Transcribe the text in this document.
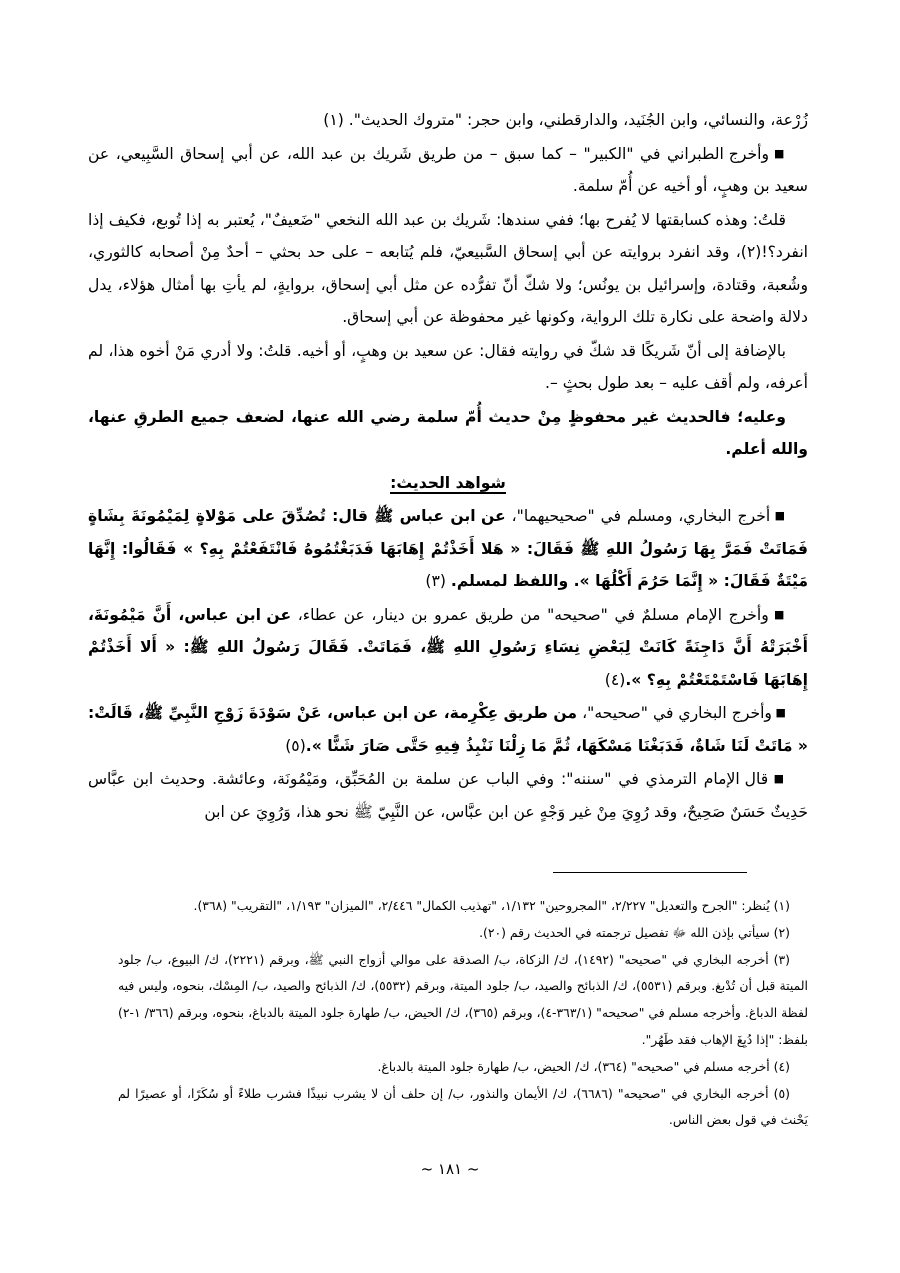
زُرْعة، والنسائي، وابن الجُنَيد، والدارقطني، وابن حجر: "متروك الحديث". (١)

■ وأخرج الطبراني في "الكبير" – كما سبق – من طريق شَريك بن عبد الله، عن أبي إسحاق السَّبِيعي، عن سعيد بن وهبٍ، أو أخيه عن أُمّ سلمة.

قلتُ: وهذه كسابقتها لا يُفرح بها؛ ففي سندها: شَريك بن عبد الله النخعي "ضَعيفٌ"، يُعتبر به إذا تُوبع، فكيف إذا انفرد؟!(٢)، وقد انفرد بروايته عن أبي إسحاق السَّبيعيّ، فلم يُتابعه – على حد بحثي – أحدٌ مِنْ أصحابه كالثوري، وشُعبة، وقتادة، وإسرائيل بن يونُس؛ ولا شكّ أنّ تفرُّده عن مثل أبي إسحاق، بروايةٍ، لم يأتِ بها أمثال هؤلاء، يدل دلالة واضحة على نكارة تلك الرواية، وكونها غير محفوظة عن أبي إسحاق.

بالإضافة إلى أنّ شَريكًا قد شكّ في روايته فقال: عن سعيد بن وهبٍ، أو أخيه. قلتُ: ولا أدري مَنْ أخوه هذا، لم أعرفه، ولم أقف عليه – بعد طول بحثٍ –.

وعليه؛ فالحديث غير محفوظٍ مِنْ حديث أُمّ سلمة رضي الله عنها، لضعف جميع الطرقِ عنها، والله أعلم.

شواهد الحديث:

■ أخرج البخاري، ومسلم في "صحيحيهما"، عن ابن عباس ﷺ قال: تُصُدِّقَ على مَوْلاةٍ لِمَيْمُونَةَ بِشَاةٍ فَمَاتَتْ فَمَرَّ بِهَا رَسُولُ اللهِ ﷺ فَقَالَ: « هَلا أَخَذْتُمْ إِهَابَهَا فَدَبَغْتُمُوهُ فَانْتَفَعْتُمْ بِهِ؟ » فَقَالُوا: إِنَّهَا مَيْتَةٌ فَقَالَ: « إِنَّمَا حَرُمَ أَكْلُهَا ». واللفظ لمسلم. (٣)

■ وأخرج الإمام مسلمٌ في "صحيحه" من طريق عمرو بن دينار، عن عطاء، عن ابن عباس، أَنَّ مَيْمُونَةَ، أَخْبَرَتْهُ أَنَّ دَاجِنَةً كَانَتْ لِبَعْضِ نِسَاءِ رَسُولِ اللهِ ﷺ، فَمَاتَتْ. فَقَالَ رَسُولُ اللهِ ﷺ: « أَلا أَخَذْتُمْ إِهَابَهَا فَاسْتَمْتَعْتُمْ بِهِ؟ ».(٤)

■ وأخرج البخاري في "صحيحه"، من طريق عِكْرِمة، عن ابن عباس، عَنْ سَوْدَةَ زَوْجِ النَّبِيِّ ﷺ، قَالَتْ: « مَاتَتْ لَنَا شَاةٌ، فَدَبَغْنَا مَسْكَهَا، ثُمَّ مَا زِلْنَا نَنْبِذُ فِيهِ حَتَّى صَارَ شَنًّا ».(٥)

■ قال الإمام الترمذي في "سننه": وفي الباب عن سلمة بن المُحَبِّق، ومَيْمُونَة، وعائشة. وحديث ابن عبَّاس حَدِيثٌ حَسَنٌ صَحِيحٌ، وقد رُوِيَ مِنْ غير وَجْهٍ عن ابن عبَّاس، عن النَّبِيّ ﷺ نحو هذا، وَرُوِيَ عن ابن

(١) يُنظر: "الجرح والتعديل" ٢/٢٢٧، "المجروحين" ١/١٣٢، "تهذيب الكمال" ٢/٤٤٦، "الميزان" ١/١٩٣، "التقريب" (٣٦٨).

(٢) سيأتي بإذن الله ﷻ تفصيل ترجمته في الحديث رقم (٢٠).

(٣) أخرجه البخاري في "صحيحه" (١٤٩٢)، ك/ الزكاة، ب/ الصدقة على موالي أزواج النبي ﷺ، وبرقم (٢٢٢١)، ك/ البيوع، ب/ جلود الميتة قبل أن تُدْبغ. وبرقم (٥٥٣١)، ك/ الذبائح والصيد، ب/ جلود الميتة، وبرقم (٥٥٣٢)، ك/ الذبائح والصيد، ب/ المِسْك، بنحوه، وليس فيه لفظة الدباغ. وأخرجه مسلم في "صحيحه" (٣٦٣/١-٤)، وبرقم (٣٦٥)، ك/ الحيض، ب/ طهارة جلود الميتة بالدباغ، بنحوه، وبرقم (٣٦٦/ ١-٢) بلفظ: "إذا دُبِغَ الإهاب فقد طَهُر".

(٤) أخرجه مسلم في "صحيحه" (٣٦٤)، ك/ الحيض، ب/ طهارة جلود الميتة بالدباغ.

(٥) أخرجه البخاري في "صحيحه" (٦٦٨٦)، ك/ الأيمان والنذور، ب/ إن حلف أن لا يشرب نبيذًا فشرب طلاءً أو سُكَرًا، أو عصيرًا لم يَحْنث في قول بعض الناس.

~ ١٨١ ~
